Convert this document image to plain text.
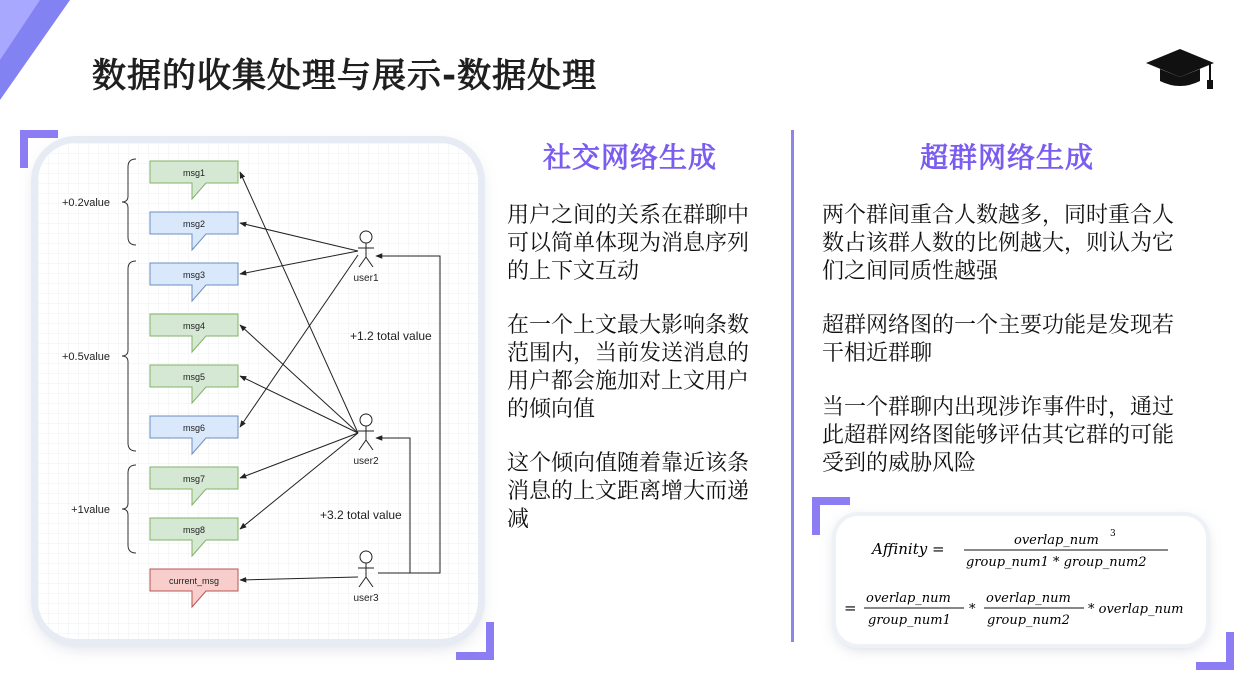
数据的收集处理与展示-数据处理
msg1
msg2
msg3
msg4
msg5
msg6
msg7
msg8
current_msg
+0.2value
+0.5value
+1value
user1
user2
user3
+1.2 total value
+3.2 total value
社交网络生成

用户之间的关系在群聊中
可以简单体现为消息序列
的上下文互动

在一个上文最大影响条数
范围内，当前发送消息的
用户都会施加对上文用户
的倾向值

这个倾向值随着靠近该条
消息的上文距离增大而递
减

超群网络生成

两个群间重合人数越多，同时重合人
数占该群人数的比例越大，则认为它
们之间同质性越强

超群网络图的一个主要功能是发现若
干相近群聊

当一个群聊内出现涉诈事件时，通过
此超群网络图能够评估其它群的可能
受到的威胁风险

Affinity =	overlap_num 3
group_num1 * group_num2
=
overlap_num
group_num1
*
overlap_num
group_num2
* overlap_num
